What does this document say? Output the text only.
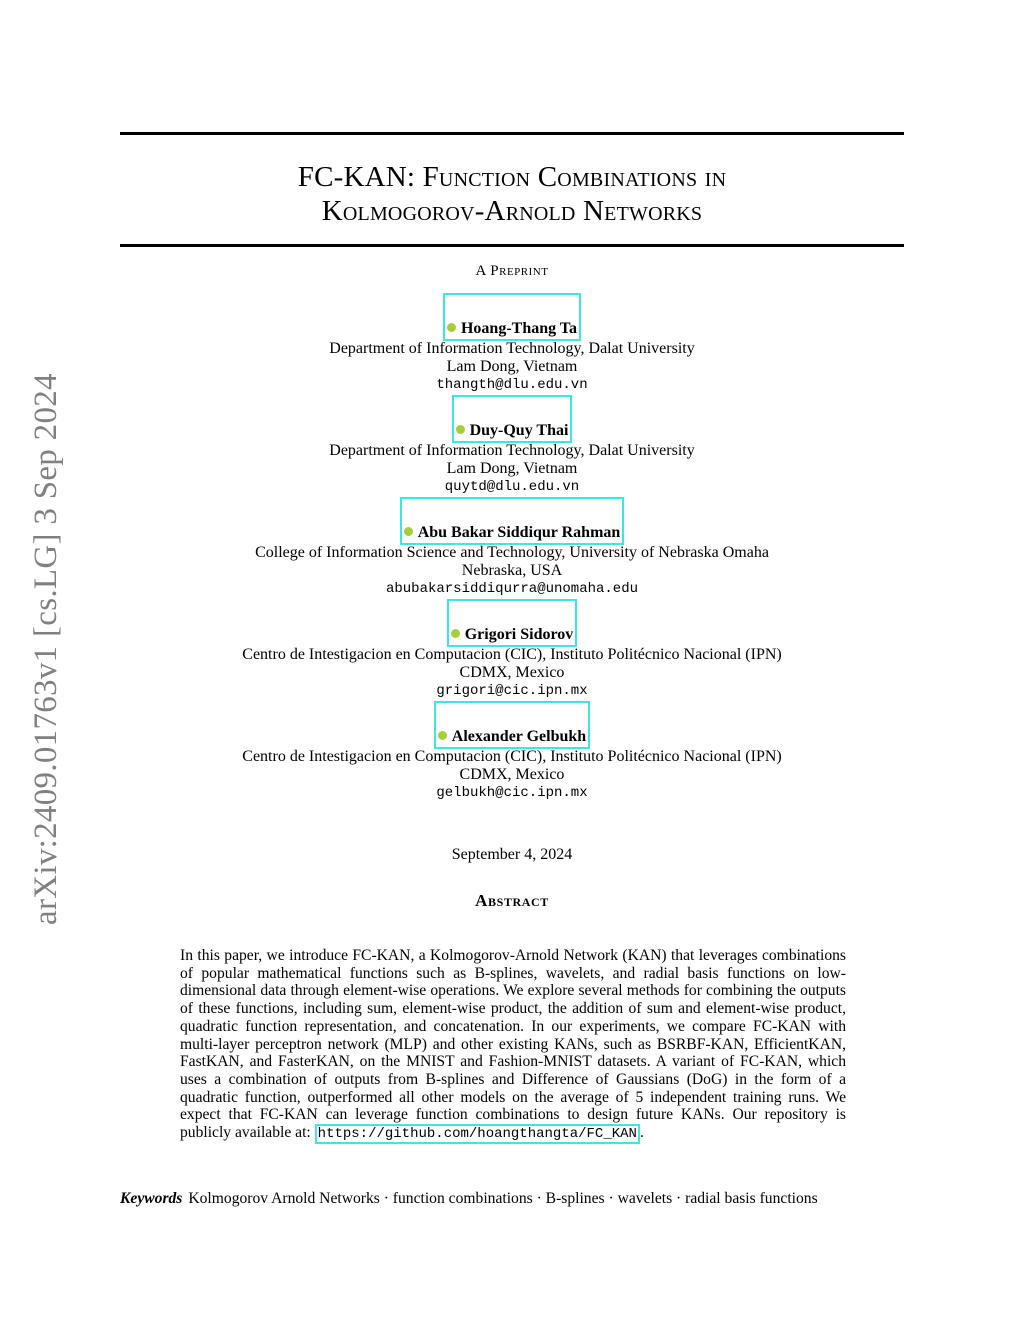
arXiv:2409.01763v1 [cs.LG] 3 Sep 2024
FC-KAN: Function Combinations in
Kolmogorov-Arnold Networks
A Preprint
Hoang-Thang Ta
Department of Information Technology, Dalat University
Lam Dong, Vietnam
thangth@dlu.edu.vn
Duy-Quy Thai
Department of Information Technology, Dalat University
Lam Dong, Vietnam
quytd@dlu.edu.vn
Abu Bakar Siddiqur Rahman
College of Information Science and Technology, University of Nebraska Omaha
Nebraska, USA
abubakarsiddiqurra@unomaha.edu
Grigori Sidorov
Centro de Intestigacion en Computacion (CIC), Instituto Politécnico Nacional (IPN)
CDMX, Mexico
grigori@cic.ipn.mx
Alexander Gelbukh
Centro de Intestigacion en Computacion (CIC), Instituto Politécnico Nacional (IPN)
CDMX, Mexico
gelbukh@cic.ipn.mx
September 4, 2024
Abstract
In this paper, we introduce FC-KAN, a Kolmogorov-Arnold Network (KAN) that leverages combinations of popular mathematical functions such as B-splines, wavelets, and radial basis functions on low-dimensional data through element-wise operations. We explore several methods for combining the outputs of these functions, including sum, element-wise product, the addition of sum and element-wise product, quadratic function representation, and concatenation. In our experiments, we compare FC-KAN with multi-layer perceptron network (MLP) and other existing KANs, such as BSRBF-KAN, EfficientKAN, FastKAN, and FasterKAN, on the MNIST and Fashion-MNIST datasets. A variant of FC-KAN, which uses a combination of outputs from B-splines and Difference of Gaussians (DoG) in the form of a quadratic function, outperformed all other models on the average of 5 independent training runs. We expect that FC-KAN can leverage function combinations to design future KANs. Our repository is publicly available at: https://github.com/hoangthangta/FC_KAN .
Keywords Kolmogorov Arnold Networks · function combinations · B-splines · wavelets · radial basis functions
